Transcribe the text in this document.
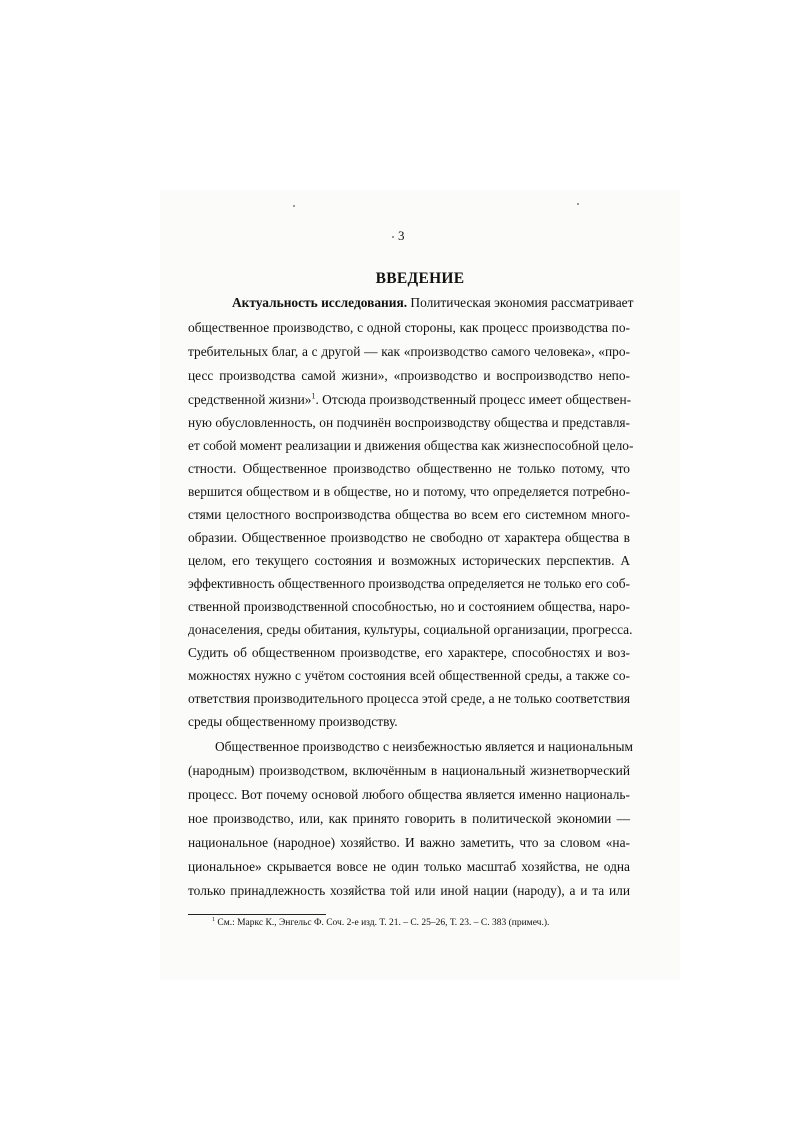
3
ВВЕДЕНИЕ
Актуальность исследования. Политическая экономия рассматривает
общественное производство, с одной стороны, как процесс производства по-
требительных благ, а с другой — как «производство самого человека», «про-
цесс производства самой жизни», «производство и воспроизводство непо-
средственной жизни»$^1$. Отсюда производственный процесс имеет обществен-
ную обусловленность, он подчинён воспроизводству общества и представля-
ет собой момент реализации и движения общества как жизнеспособной цело-
стности. Общественное производство общественно не только потому, что
вершится обществом и в обществе, но и потому, что определяется потребно-
стями целостного воспроизводства общества во всем его системном много-
образии. Общественное производство не свободно от характера общества в
целом, его текущего состояния и возможных исторических перспектив. А
эффективность общественного производства определяется не только его соб-
ственной производственной способностью, но и состоянием общества, наро-
донаселения, среды обитания, культуры, социальной организации, прогресса.
Судить об общественном производстве, его характере, способностях и воз-
можностях нужно с учётом состояния всей общественной среды, а также со-
ответствия производительного процесса этой среде, а не только соответствия
среды общественному производству.
Общественное производство с неизбежностью является и национальным
(народным) производством, включённым в национальный жизнетворческий
процесс. Вот почему основой любого общества является именно националь-
ное производство, или, как принято говорить в политической экономии —
национальное (народное) хозяйство. И важно заметить, что за словом «на-
циональное» скрывается вовсе не один только масштаб хозяйства, не одна
только принадлежность хозяйства той или иной нации (народу), а и та или
$^1$ См.: Маркс К., Энгельс Ф. Соч. 2-е изд. Т. 21. – С. 25–26, Т. 23. – С. 383 (примеч.).
